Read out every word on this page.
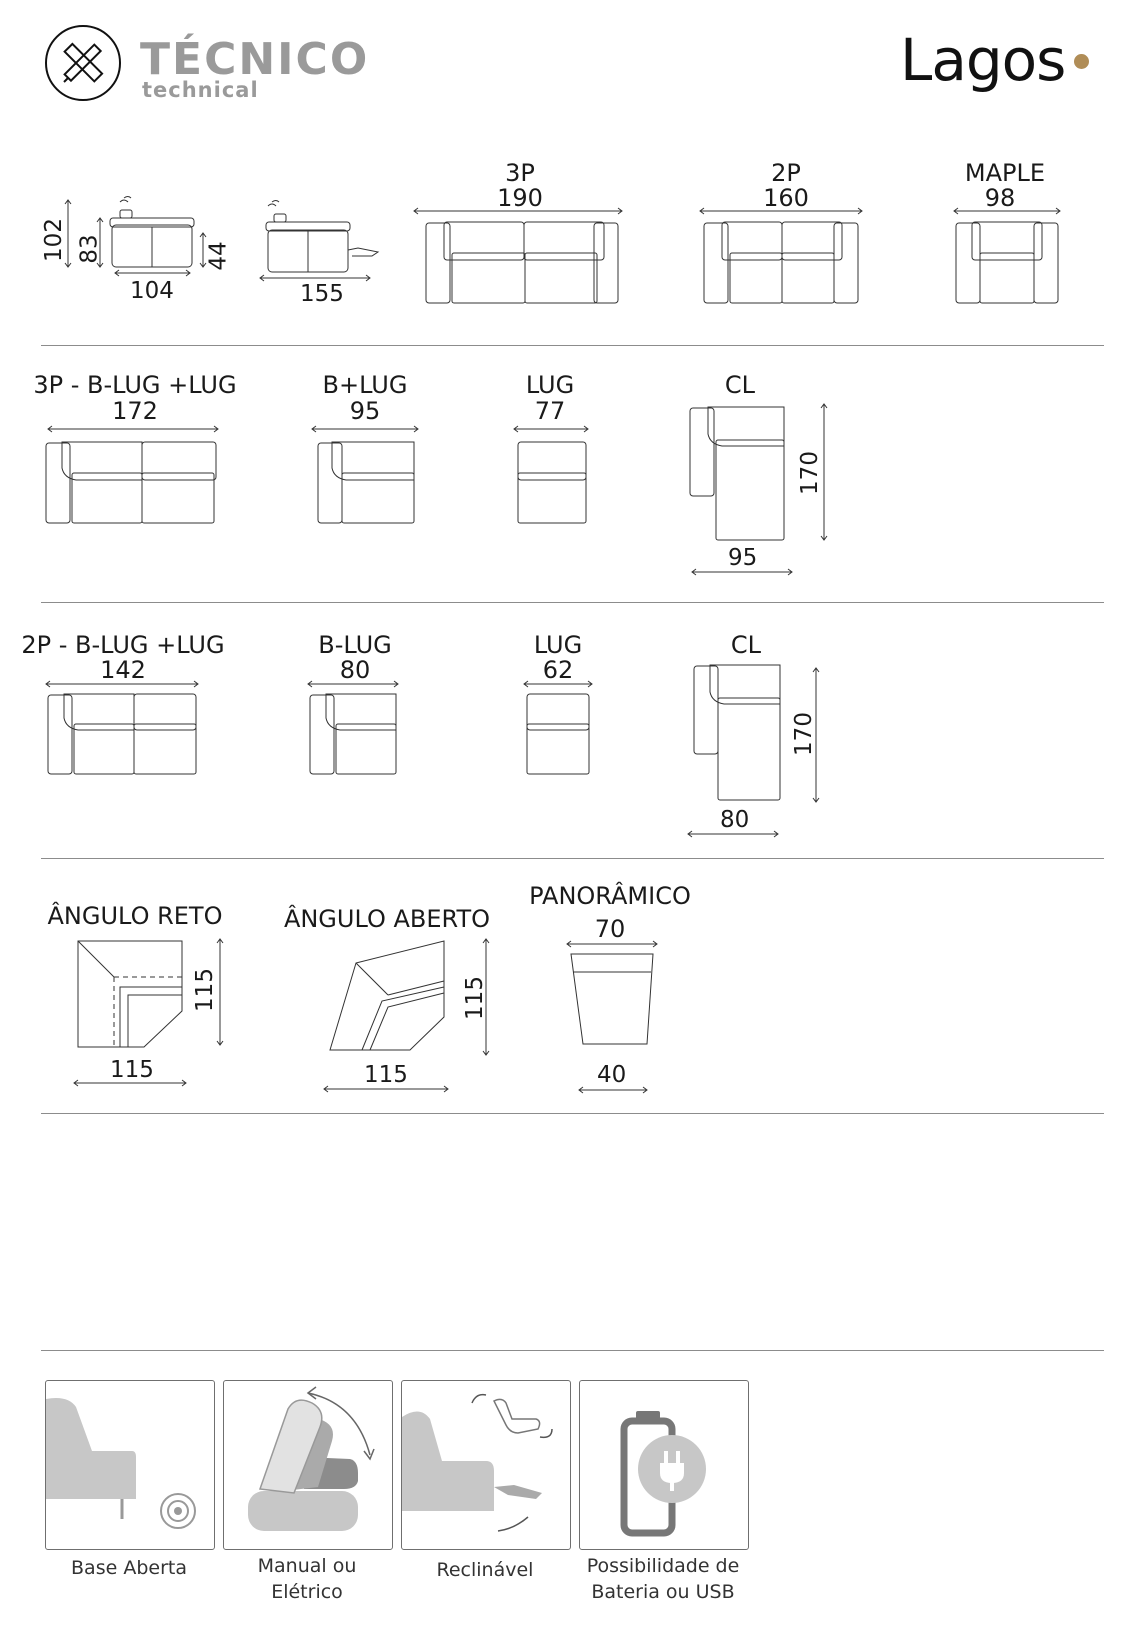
TÉCNICO
technical	Lagos
102 83	44
104	155
3P
190
2P
160
MAPLE
98
3P - B-LUG +LUG
172
B+LUG
95
LUG
77
CL
170
95
2P - B-LUG +LUG
142
B-LUG
80
LUG
62
CL
170
80
ÂNGULO RETO
115
115
ÂNGULO ABERTO
115
115
PANORÂMICO
70
40
Base Aberta	Manual ou
Elétrico
Reclinável	Possibilidade de
Bateria ou USB
